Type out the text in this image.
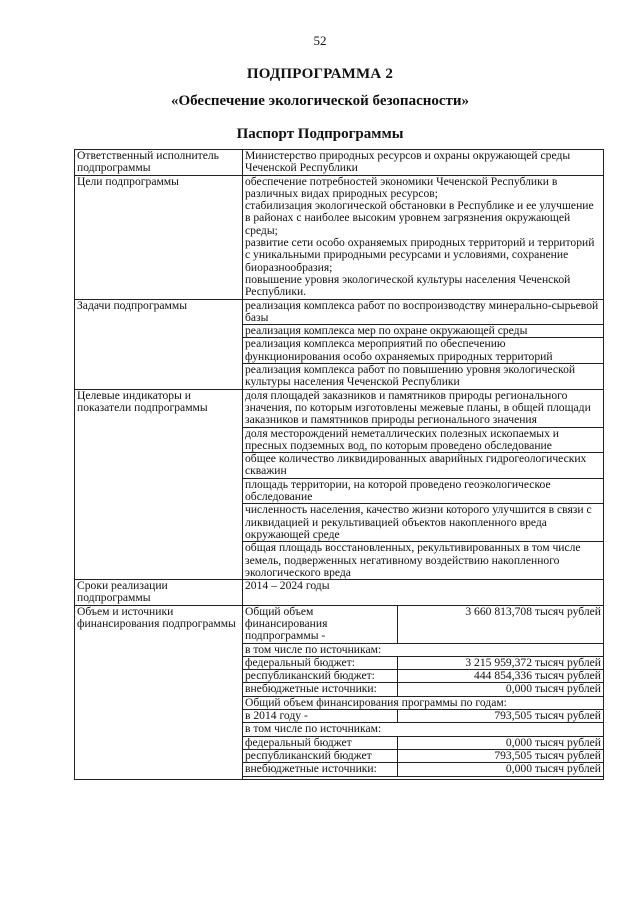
52
ПОДПРОГРАММА 2
«Обеспечение экологической безопасности»
Паспорт Подпрограммы
Ответственный исполнитель подпрограммы	Министерство природных ресурсов и охраны окружающей среды Чеченской Республики	
Цели подпрограммы	обеспечение потребностей экономики Чеченской Республики в различных видах природных ресурсов;
стабилизация экологической обстановки в Республике и ее улучшение в районах с наиболее высоким уровнем загрязнения окружающей среды;
развитие сети особо охраняемых природных территорий и территорий с уникальными природными ресурсами и условиями, сохранение биоразнообразия;
повышение уровня экологической культуры населения Чеченской Республики.	

Задачи подпрограммы	реализация комплекса работ по воспроизводству минерально-сырьевой базы	
	реализация комплекса мер по охране окружающей среды	
	реализация комплекса мероприятий по обеспечению функционирования особо охраняемых природных территорий	
	реализация комплекса работ по повышению уровня экологической культуры населения Чеченской Республики	
Целевые индикаторы и показатели подпрограммы	доля площадей заказников и памятников природы регионального значения, по которым изготовлены межевые планы, в общей площади заказников и памятников природы регионального значения	
	доля месторождений неметаллических полезных ископаемых и пресных подземных вод, по которым проведено обследование	
	общее количество ликвидированных аварийных гидрогеологических скважин	
	площадь территории, на которой проведено геоэкологическое обследование	
	численность населения, качество жизни которого улучшится в связи с ликвидацией и рекультивацией объектов накопленного вреда окружающей среде	
	общая площадь восстановленных, рекультивированных в том числе земель, подверженных негативному воздействию накопленного экологического вреда	
Сроки реализации подпрограммы	2014 – 2024 годы	
Объем и источники финансирования подпрограммы	Общий объем финансирования подпрограммы -	3 660 813,708 тысяч рублей
	в том числе по источникам:	
	федеральный бюджет:	3 215 959,372 тысяч рублей
	республиканский бюджет:	444 854,336 тысяч рублей
	внебюджетные источники:	0,000 тысяч рублей
	Общий объем финансирования программы по годам:	
	в 2014 году -	793,505 тысяч рублей
	в том числе по источникам:	
	федеральный бюджет	0,000 тысяч рублей
	республиканский бюджет	793,505 тысяч рублей
	внебюджетные источники:	0,000 тысяч рублей
